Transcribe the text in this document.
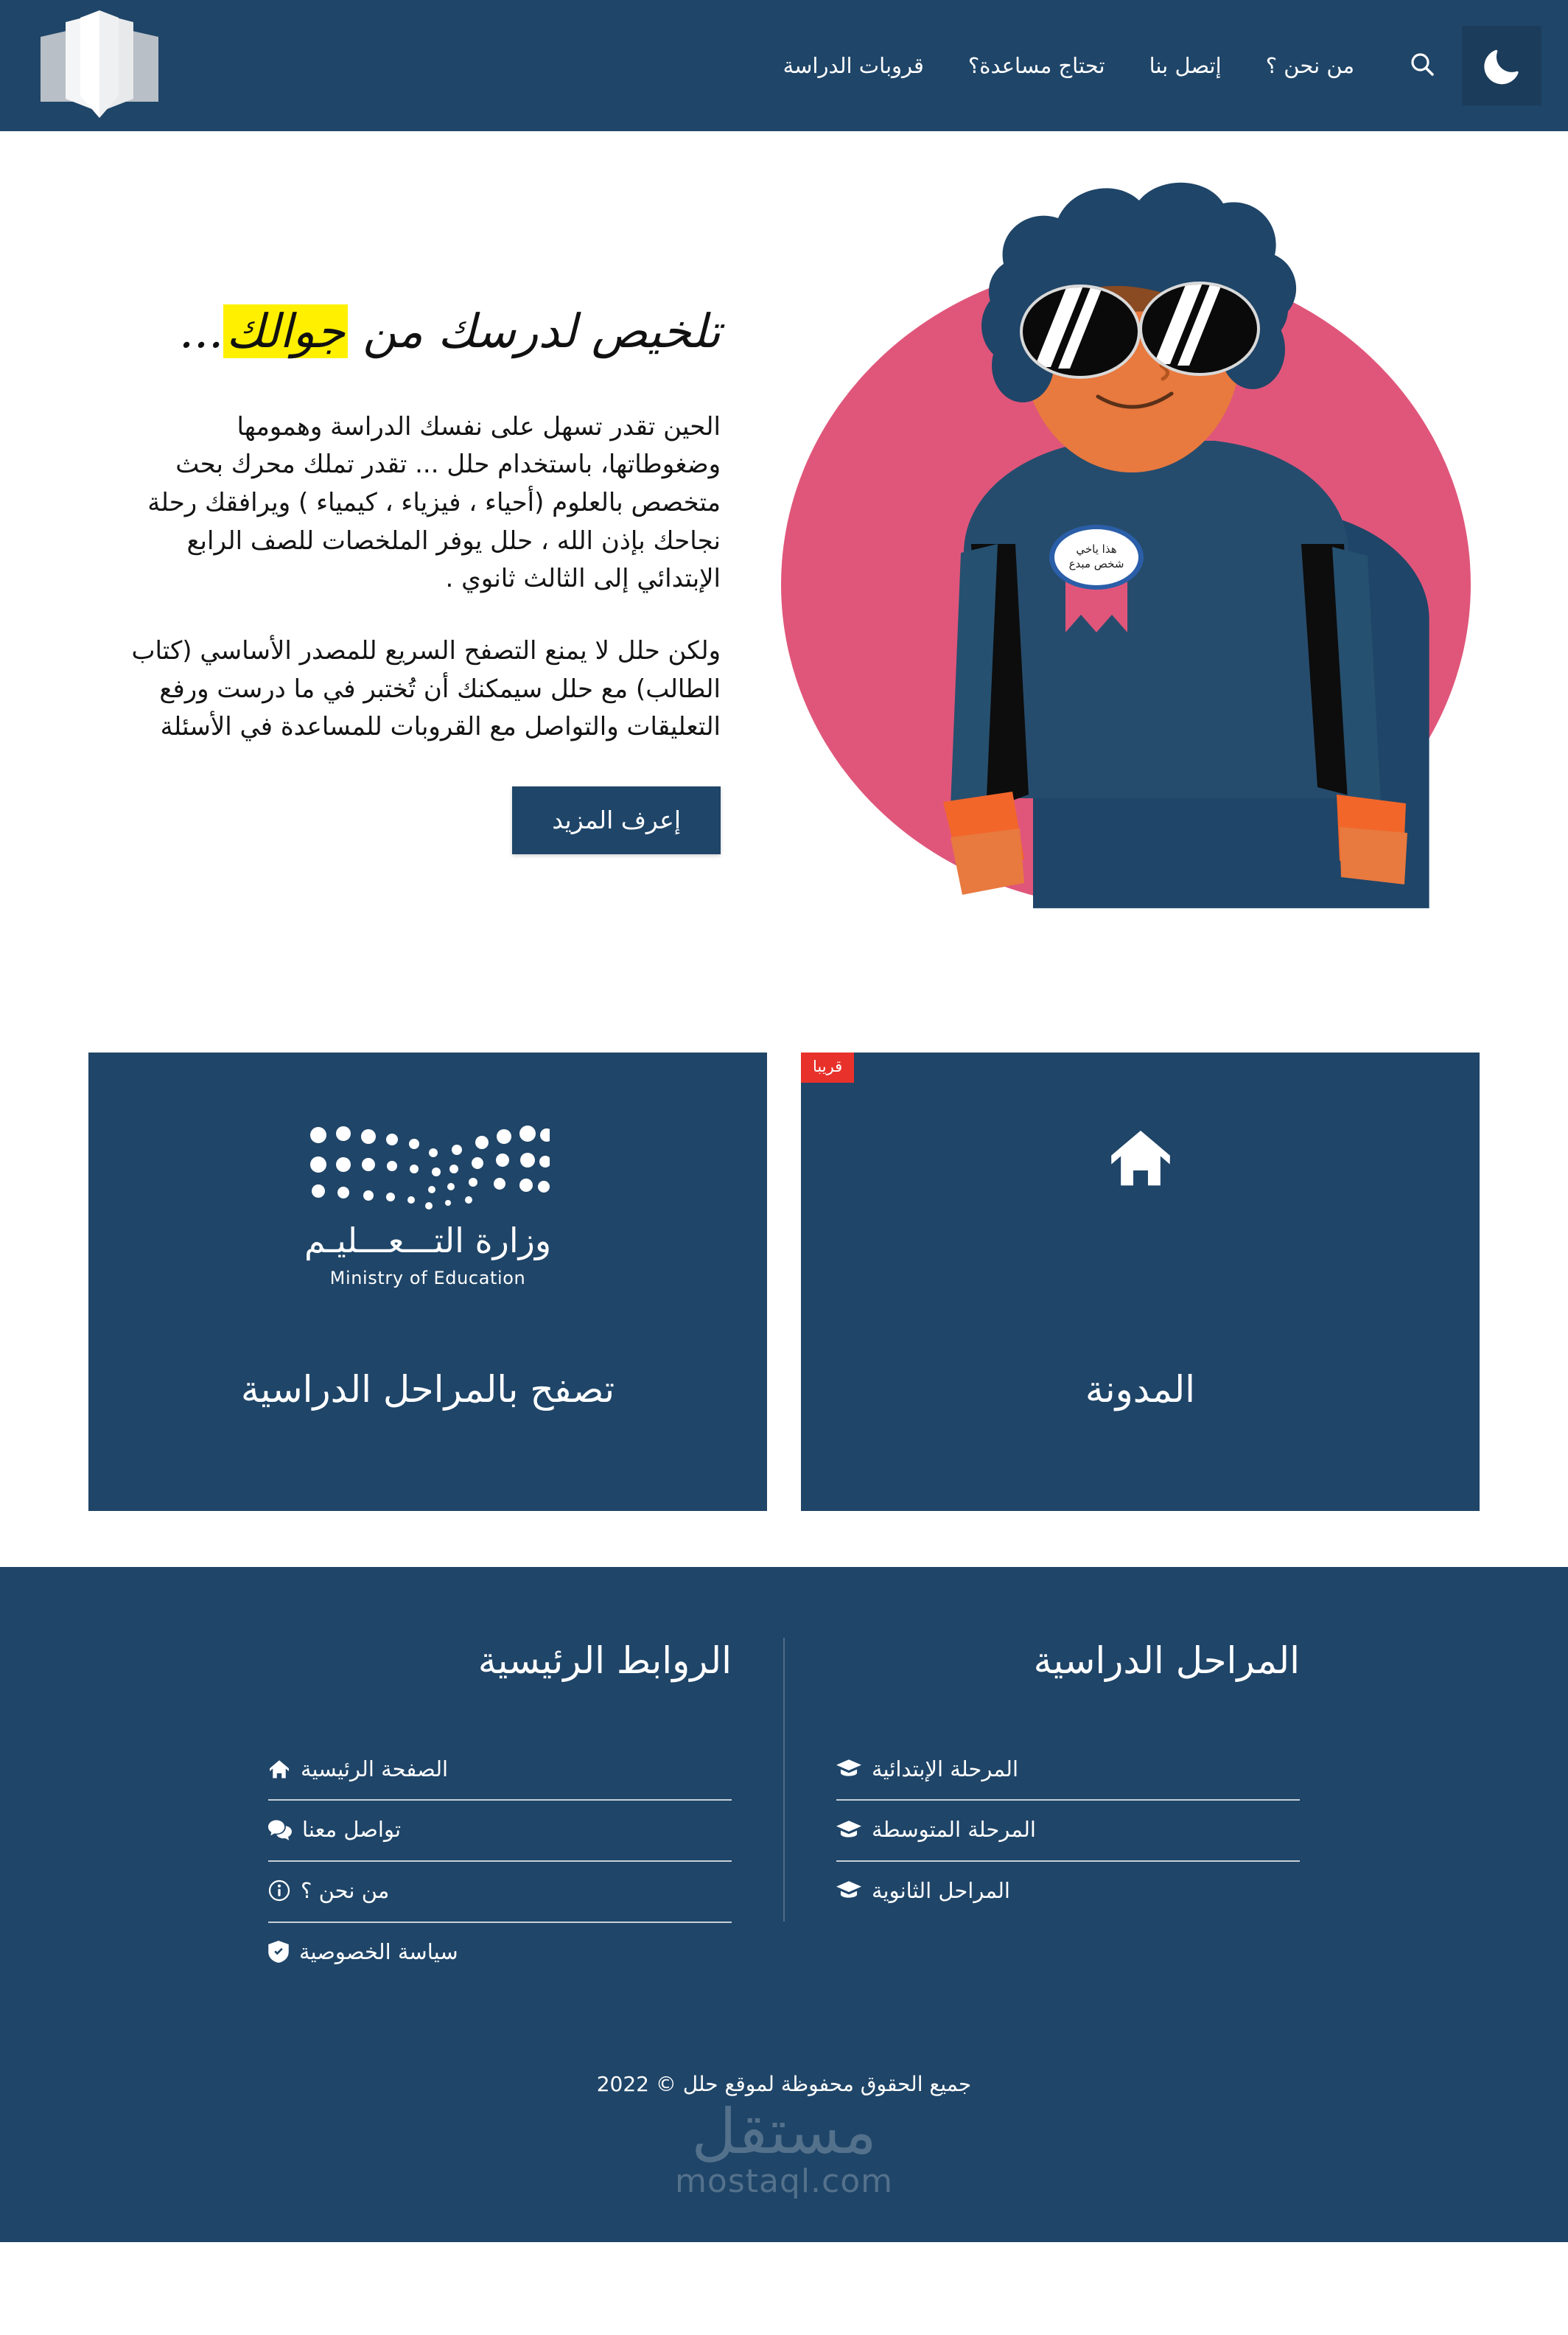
من نحن ؟
إتصل بنا
تحتاج مساعدة؟
قروبات الدراسة
هذا ياخي
شخص مبدع
تلخيص لدرسك من جوالك...

الحين تقدر تسهل على نفسك الدراسة وهمومها وضغوطاتها، باستخدام حلل ... تقدر تملك محرك بحث متخصص بالعلوم (أحياء ، فيزياء ، كيمياء ) ويرافقك رحلة نجاحك بإذن الله ، حلل يوفر الملخصات للصف الرابع الإبتدائي إلى الثالث ثانوي .

ولكن حلل لا يمنع التصفح السريع للمصدر الأساسي (كتاب الطالب) مع حلل سيمكنك أن تُختبر في ما درست ورفع التعليقات والتواصل مع القروبات للمساعدة في الأسئلة

إعرف المزيد
قريبا
المدونة
وزارة التـــعـــليـم
Ministry of Education
تصفح بالمراحل الدراسية
المراحل الدراسية
المرحلة الإبتدائية
المرحلة المتوسطة
المراحل الثانوية
الروابط الرئيسية
الصفحة الرئيسية
تواصل معنا
من نحن ؟
سياسة الخصوصية
جميع الحقوق محفوظة لموقع حلل © 2022
مستقل
mostaql.com
